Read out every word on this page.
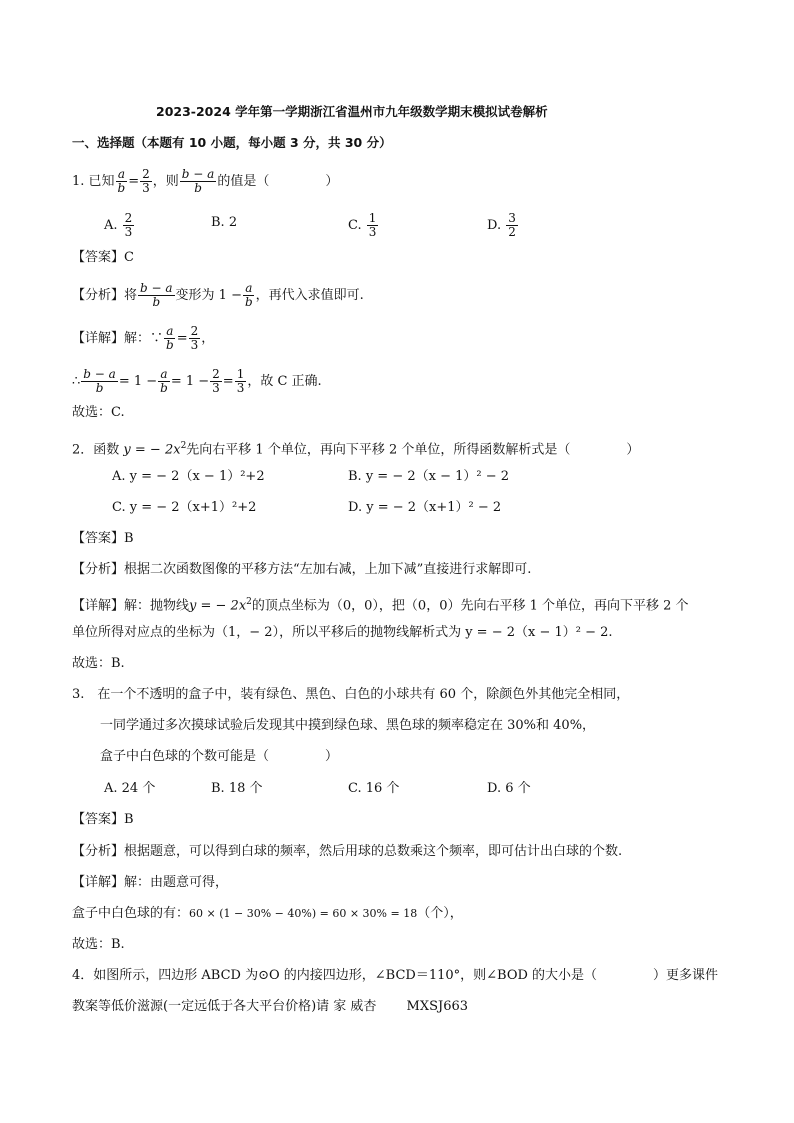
2023-2024 学年第一学期浙江省温州市九年级数学期末模拟试卷解析
一、选择题（本题有 10 小题，每小题 3 分，共 30 分）
1. 已知 $\frac{a}{b} = \frac{2}{3}$ ，则 $\frac{b - a}{b}$ 的值是（	）
A. $\frac{2}{3}$	B. 2	C. $\frac{1}{3}$	D. $\frac{3}{2}$
【答案】C
【分析】将 $\frac{b - a}{b}$ 变形为 $1 - \frac{a}{b}$ ，再代入求值即可.
【详解】解：∵ $\frac{a}{b} = \frac{2}{3}$ ，
∴ $\frac{b - a}{b} = 1 - \frac{a}{b} = 1 - \frac{2}{3} = \frac{1}{3}$ ，故 C 正确.
故选：C.
2．函数 y = − $2x^2$先向右平移 1 个单位，再向下平移 2 个单位，所得函数解析式是（	）
A. y = − 2（x − 1）²+2	B. y = − 2（x − 1）² − 2
C. y = − 2（x+1）²+2	D. y = − 2（x+1）² − 2
【答案】B
【分析】根据二次函数图像的平移方法“左加右减，上加下减”直接进行求解即可.
【详解】解：抛物线y = − $2x^2$的顶点坐标为（0，0），把（0，0）先向右平移 1 个单位，再向下平移 2 个
单位所得对应点的坐标为（1，− 2），所以平移后的抛物线解析式为 y = − 2（x − 1）² − 2.
故选：B.
3.　在一个不透明的盒子中，装有绿色、黑色、白色的小球共有 60 个，除颜色外其他完全相同，
一同学通过多次摸球试验后发现其中摸到绿色球、黑色球的频率稳定在 30%和 40%，
盒子中白色球的个数可能是（	）
A. 24 个	B. 18 个	C. 16 个	D. 6 个
【答案】B
【分析】根据题意，可以得到白球的频率，然后用球的总数乘这个频率，即可估计出白球的个数.
【详解】解：由题意可得，
盒子中白色球的有：60 × (1 − 30% − 40%) = 60 × 30% = 18（个），
故选：B.
4．如图所示，四边形 ABCD 为⊙O 的内接四边形，∠BCD＝110°，则∠BOD 的大小是（	）更多课件
教案等低价滋源(一定远低于各大平台价格)请 家 威杏　　 MXSJ663
